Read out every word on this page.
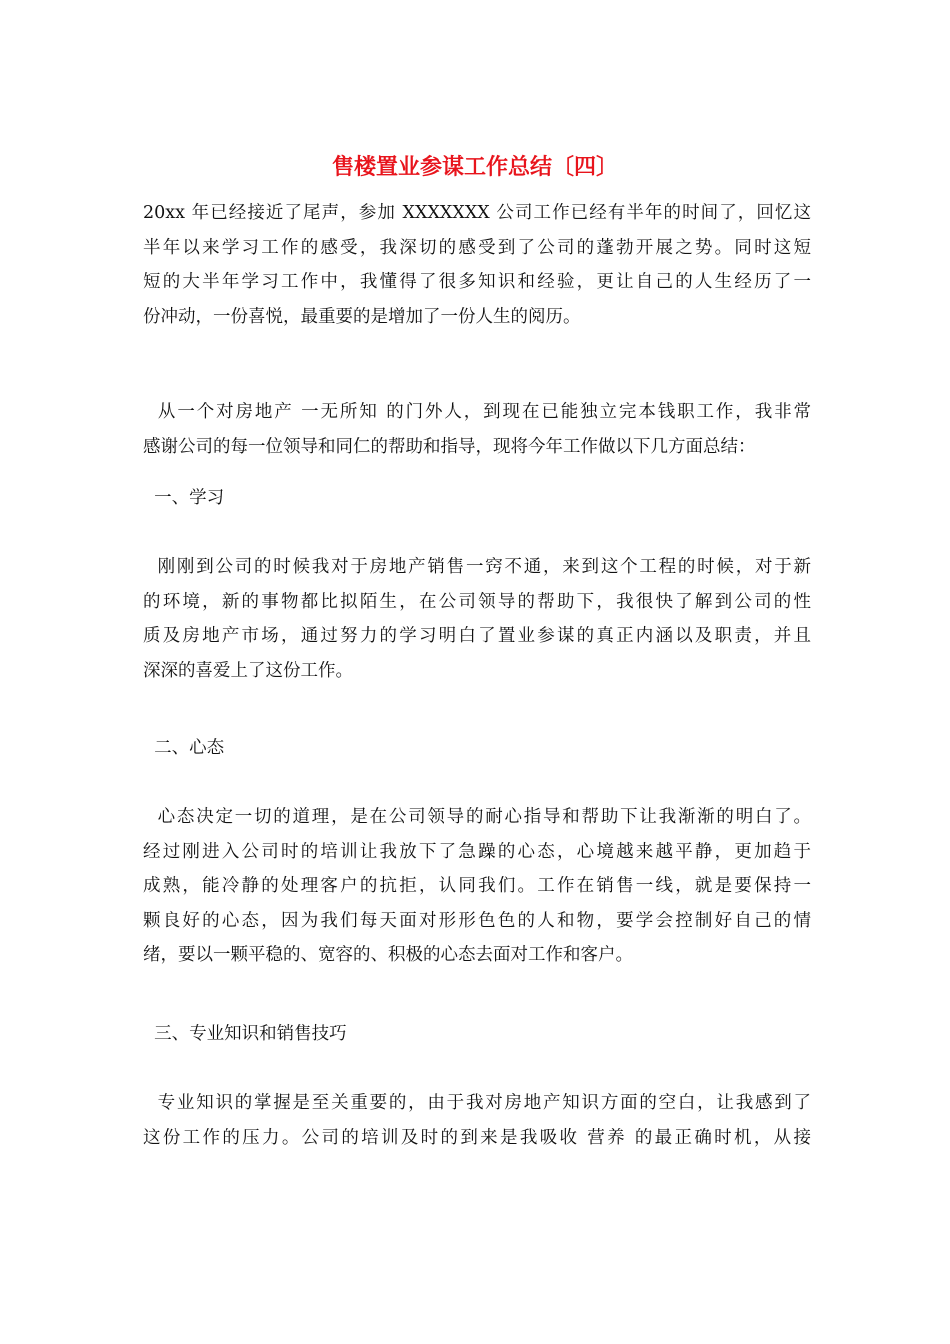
售楼置业参谋工作总结〔四〕
20xx 年已经接近了尾声，参加 XXXXXXX 公司工作已经有半年的时间了，回忆这
半年以来学习工作的感受，我深切的感受到了公司的蓬勃开展之势。同时这短
短的大半年学习工作中，我懂得了很多知识和经验，更让自己的人生经历了一
份冲动，一份喜悦，最重要的是增加了一份人生的阅历。
从一个对房地产 一无所知 的门外人，到现在已能独立完本钱职工作，我非常
感谢公司的每一位领导和同仁的帮助和指导，现将今年工作做以下几方面总结：
一、学习
刚刚到公司的时候我对于房地产销售一窍不通，来到这个工程的时候，对于新
的环境，新的事物都比拟陌生，在公司领导的帮助下，我很快了解到公司的性
质及房地产市场，通过努力的学习明白了置业参谋的真正内涵以及职责，并且
深深的喜爱上了这份工作。
二、心态
心态决定一切的道理，是在公司领导的耐心指导和帮助下让我渐渐的明白了。
经过刚进入公司时的培训让我放下了急躁的心态，心境越来越平静，更加趋于
成熟，能冷静的处理客户的抗拒，认同我们。工作在销售一线，就是要保持一
颗良好的心态，因为我们每天面对形形色色的人和物，要学会控制好自己的情
绪，要以一颗平稳的、宽容的、积极的心态去面对工作和客户。
三、专业知识和销售技巧
专业知识的掌握是至关重要的，由于我对房地产知识方面的空白，让我感到了
这份工作的压力。公司的培训及时的到来是我吸收 营养 的最正确时机，从接
